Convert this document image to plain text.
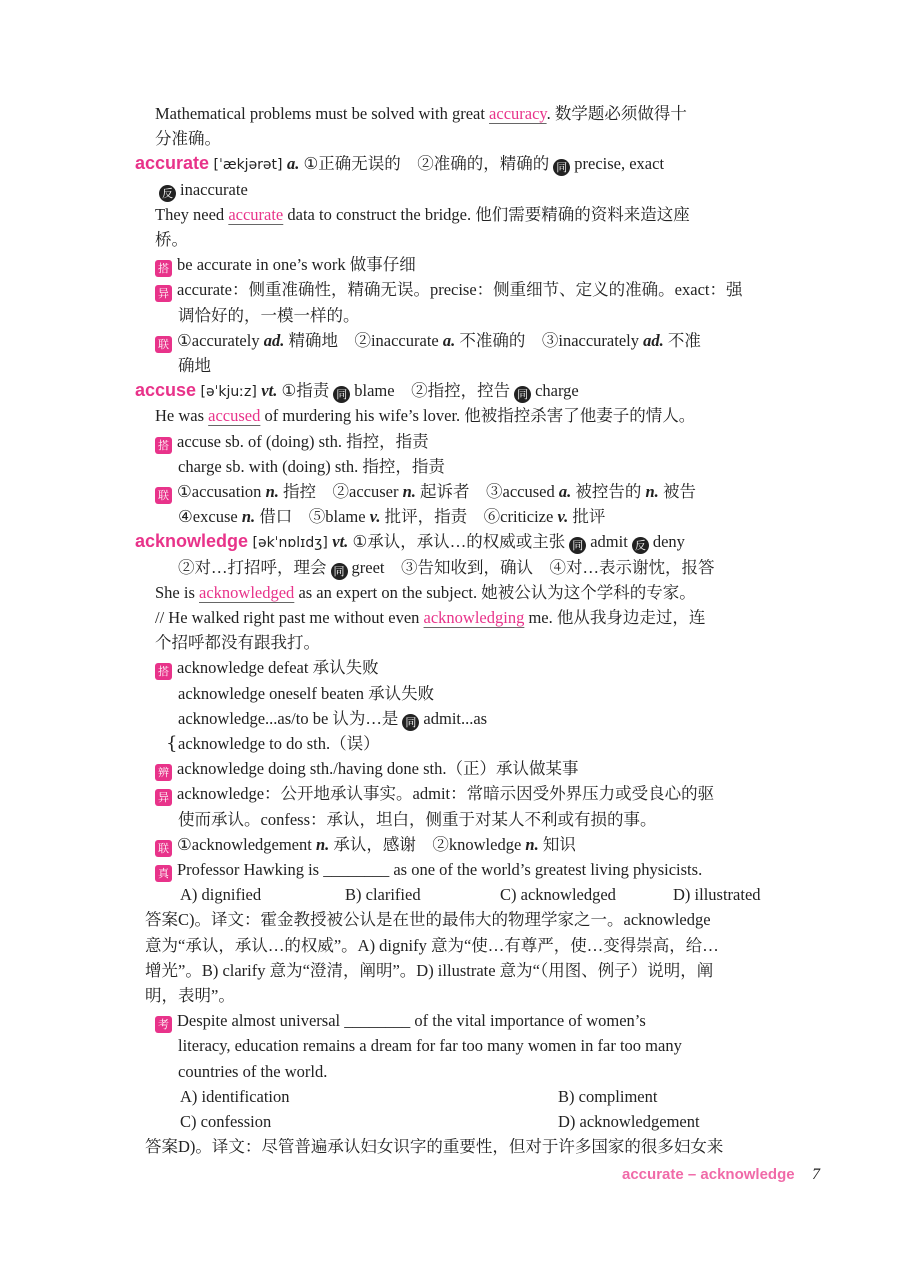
Mathematical problems must be solved with great accuracy. 数学题必须做得十
分准确。
accurate [ˈækjərət] a. ①正确无误的　②准确的，精确的 同 precise, exact
反 inaccurate
They need accurate data to construct the bridge. 他们需要精确的资料来造这座
桥。
搭 be accurate in one’s work 做事仔细
异 accurate：侧重准确性，精确无误。precise：侧重细节、定义的准确。exact：强
调恰好的，一模一样的。
联 ①accurately ad. 精确地　②inaccurate a. 不准确的　③inaccurately ad. 不准
确地
accuse [əˈkjuːz] vt. ①指责 同 blame　②指控，控告 同 charge
He was accused of murdering his wife’s lover. 他被指控杀害了他妻子的情人。
搭 accuse sb. of (doing) sth. 指控，指责
charge sb. with (doing) sth. 指控，指责
联 ①accusation n. 指控　②accuser n. 起诉者　③accused a. 被控告的 n. 被告
④excuse n. 借口　⑤blame v. 批评，指责　⑥criticize v. 批评
acknowledge [əkˈnɒlɪdʒ] vt. ①承认，承认…的权威或主张 同 admit 反 deny
②对…打招呼，理会 同 greet　③告知收到，确认　④对…表示谢忱，报答
She is acknowledged as an expert on the subject. 她被公认为这个学科的专家。
// He walked right past me without even acknowledging me. 他从我身边走过，连
个招呼都没有跟我打。
搭 acknowledge defeat 承认失败
acknowledge oneself beaten 承认失败
acknowledge...as/to be 认为…是 同 admit...as
{acknowledge to do sth.（误）
辨 acknowledge doing sth./having done sth.（正）承认做某事
异 acknowledge：公开地承认事实。admit：常暗示因受外界压力或受良心的驱
使而承认。confess：承认，坦白，侧重于对某人不利或有损的事。
联 ①acknowledgement n. 承认，感谢　②knowledge n. 知识
真 Professor Hawking is ________ as one of the world’s greatest living physicists.
A) dignified	B) clarified	C) acknowledged	D) illustrated
答案C)。译文：霍金教授被公认是在世的最伟大的物理学家之一。acknowledge
意为“承认，承认…的权威”。A) dignify 意为“使…有尊严，使…变得崇高，给…
增光”。B) clarify 意为“澄清，阐明”。D) illustrate 意为“（用图、例子）说明，阐
明，表明”。
考 Despite almost universal ________ of the vital importance of women’s
literacy, education remains a dream for far too many women in far too many
countries of the world.
A) identification	B) compliment
C) confession	D) acknowledgement
答案D)。译文：尽管普遍承认妇女识字的重要性，但对于许多国家的很多妇女来
accurate – acknowledge 7
